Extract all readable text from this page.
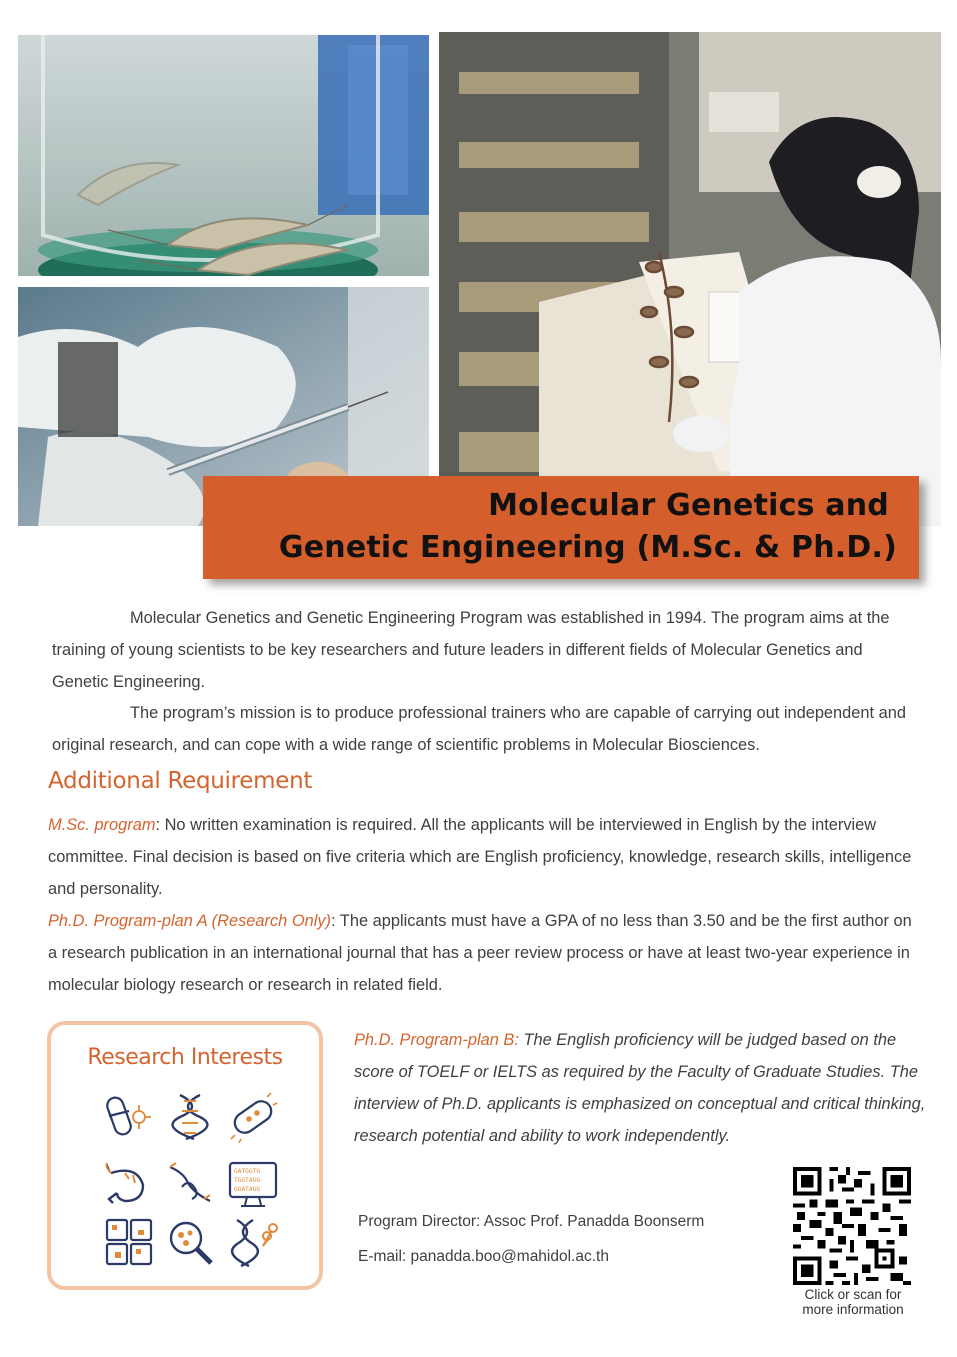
Molecular Genetics and
Genetic Engineering (M.Sc. & Ph.D.)
Molecular Genetics and Genetic Engineering Program was established in 1994. The program aims at the training of young scientists to be key researchers and future leaders in different fields of Molecular Genetics and Genetic Engineering.
The program’s mission is to produce professional trainers who are capable of carrying out independent and original research, and can cope with a wide range of scientific problems in Molecular Biosciences.
Additional Requirement
M.Sc. program: No written examination is required. All the applicants will be interviewed in English by the interview committee. Final decision is based on five criteria which are English proficiency, knowledge, research skills, intelligence and personality.
Ph.D. Program-plan A (Research Only): The applicants must have a GPA of no less than 3.50 and be the first author on a research publication in an international journal that has a peer review process or have at least two-year experience in molecular biology research or research in related field.
Research Interests
GATGGTG
TGGTAGG
GGATAGG
Ph.D. Program-plan B: The English proficiency will be judged based on the score of TOELF or IELTS as required by the Faculty of Graduate Studies. The interview of Ph.D. applicants is emphasized on conceptual and critical thinking, research potential and ability to work independently.
Program Director: Assoc Prof. Panadda Boonserm
E-mail: panadda.boo@mahidol.ac.th
Click or scan for
more information
